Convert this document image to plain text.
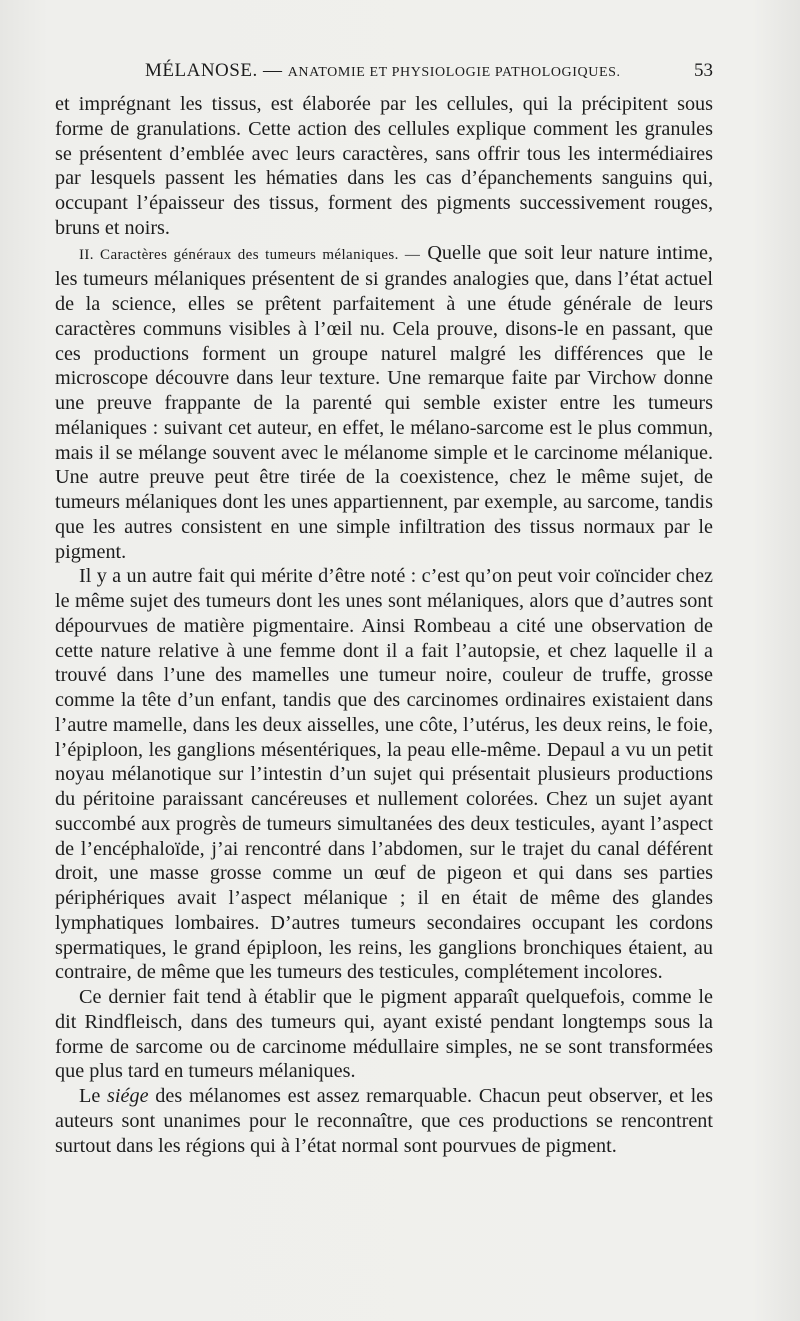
MÉLANOSE. — ANATOMIE ET PHYSIOLOGIE PATHOLOGIQUES.	53

et imprégnant les tissus, est élaborée par les cellules, qui la précipitent sous forme de granulations. Cette action des cellules explique comment les granules se présentent d’emblée avec leurs caractères, sans offrir tous les intermédiaires par lesquels passent les hématies dans les cas d’épanchements sanguins qui, occupant l’épaisseur des tissus, forment des pigments successivement rouges, bruns et noirs.

II. Caractères généraux des tumeurs mélaniques. — Quelle que soit leur nature intime, les tumeurs mélaniques présentent de si grandes analogies que, dans l’état actuel de la science, elles se prêtent parfaitement à une étude générale de leurs caractères communs visibles à l’œil nu. Cela prouve, disons-le en passant, que ces productions forment un groupe naturel malgré les différences que le microscope découvre dans leur texture. Une remarque faite par Virchow donne une preuve frappante de la parenté qui semble exister entre les tumeurs mélaniques : suivant cet auteur, en effet, le mélano-sarcome est le plus commun, mais il se mélange souvent avec le mélanome simple et le carcinome mélanique. Une autre preuve peut être tirée de la coexistence, chez le même sujet, de tumeurs mélaniques dont les unes appartiennent, par exemple, au sarcome, tandis que les autres consistent en une simple infiltration des tissus normaux par le pigment.

Il y a un autre fait qui mérite d’être noté : c’est qu’on peut voir coïncider chez le même sujet des tumeurs dont les unes sont mélaniques, alors que d’autres sont dépourvues de matière pigmentaire. Ainsi Rombeau a cité une observation de cette nature relative à une femme dont il a fait l’autopsie, et chez laquelle il a trouvé dans l’une des mamelles une tumeur noire, couleur de truffe, grosse comme la tête d’un enfant, tandis que des carcinomes ordinaires existaient dans l’autre mamelle, dans les deux aisselles, une côte, l’utérus, les deux reins, le foie, l’épiploon, les ganglions mésentériques, la peau elle-même. Depaul a vu un petit noyau mélanotique sur l’intestin d’un sujet qui présentait plusieurs productions du péritoine paraissant cancéreuses et nullement colorées. Chez un sujet ayant succombé aux progrès de tumeurs simultanées des deux testicules, ayant l’aspect de l’encéphaloïde, j’ai rencontré dans l’abdomen, sur le trajet du canal déférent droit, une masse grosse comme un œuf de pigeon et qui dans ses parties périphériques avait l’aspect mélanique ; il en était de même des glandes lymphatiques lombaires. D’autres tumeurs secondaires occupant les cordons spermatiques, le grand épiploon, les reins, les ganglions bronchiques étaient, au contraire, de même que les tumeurs des testicules, complétement incolores.

Ce dernier fait tend à établir que le pigment apparaît quelquefois, comme le dit Rindfleisch, dans des tumeurs qui, ayant existé pendant longtemps sous la forme de sarcome ou de carcinome médullaire simples, ne se sont transformées que plus tard en tumeurs mélaniques.

Le siége des mélanomes est assez remarquable. Chacun peut observer, et les auteurs sont unanimes pour le reconnaître, que ces productions se rencontrent surtout dans les régions qui à l’état normal sont pourvues de pigment.
